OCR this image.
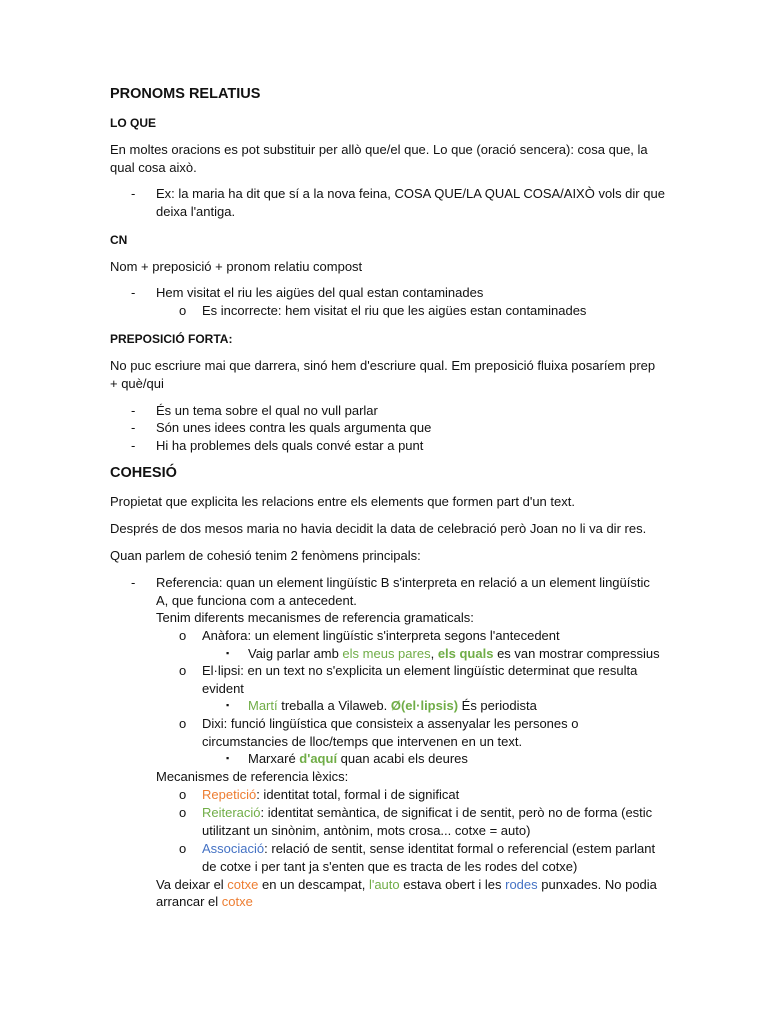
PRONOMS RELATIUS
LO QUE
En moltes oracions es pot substituir per allò que/el que. Lo que (oració sencera): cosa que, la
qual cosa això.
- Ex: la maria ha dit que sí a la nova feina, COSA QUE/LA QUAL COSA/AIXÒ vols dir que
deixa l'antiga.
CN
Nom + preposició + pronom relatiu compost
- Hem visitat el riu les aigües del qual estan contaminades
o Es incorrecte: hem visitat el riu que les aigües estan contaminades
PREPOSICIÓ FORTA:
No puc escriure mai que darrera, sinó hem d'escriure qual. Em preposició fluixa posaríem prep
+ què/qui
- És un tema sobre el qual no vull parlar
- Són unes idees contra les quals argumenta que
- Hi ha problemes dels quals convé estar a punt
COHESIÓ
Propietat que explicita les relacions entre els elements que formen part d'un text.
Després de dos mesos maria no havia decidit la data de celebració però Joan no li va dir res.
Quan parlem de cohesió tenim 2 fenòmens principals:
- Referencia: quan un element lingüístic B s'interpreta en relació a un element lingüístic
A, que funciona com a antecedent.
Tenim diferents mecanismes de referencia gramaticals:
o Anàfora: un element lingüístic s'interpreta segons l'antecedent
▪ Vaig parlar amb els meus pares, els quals es van mostrar compressius
o El·lipsi: en un text no s'explicita un element lingüístic determinat que resulta
evident
▪ Martí treballa a Vilaweb. Ø(el·lipsis) És periodista
o Dixi: funció lingüística que consisteix a assenyalar les persones o
circumstancies de lloc/temps que intervenen en un text.
▪ Marxaré d'aquí quan acabi els deures
Mecanismes de referencia lèxics:
o Repetició: identitat total, formal i de significat
o Reiteració: identitat semàntica, de significat i de sentit, però no de forma (estic
utilitzant un sinònim, antònim, mots crosa... cotxe = auto)
o Associació: relació de sentit, sense identitat formal o referencial (estem parlant
de cotxe i per tant ja s'enten que es tracta de les rodes del cotxe)
Va deixar el cotxe en un descampat, l'auto estava obert i les rodes punxades. No podia
arrancar el cotxe
